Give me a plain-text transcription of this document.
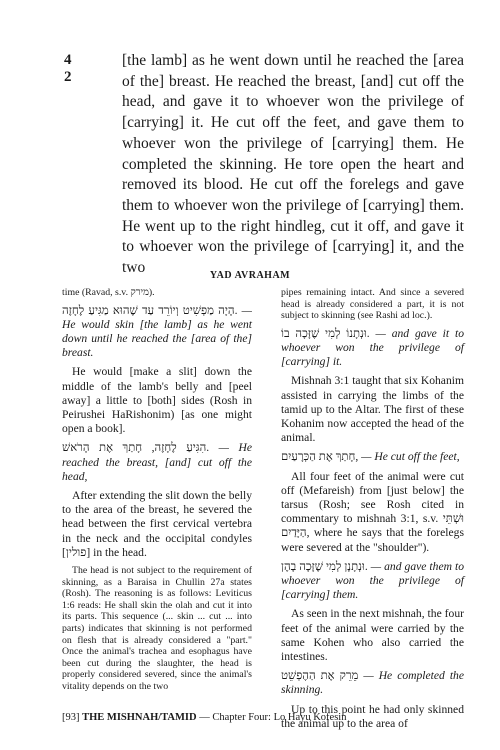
4
2
[the lamb] as he went down until he reached the [area of the] breast. He reached the breast, [and] cut off the head, and gave it to whoever won the privilege of [carrying] it. He cut off the feet, and gave them to whoever won the privilege of [carrying] them. He completed the skinning. He tore open the heart and removed its blood. He cut off the forelegs and gave them to whoever won the privilege of [carrying] them. He went up to the right hindleg, cut it off, and gave it to whoever won the privilege of [carrying] it, and the two	YAD AVRAHAM

time (Ravad, s.v. מירק).

הָיָה מַפְשִׁיט וְיוֹרֵד עַד שֶׁהוּא מַגִּיעַ לֶחָזֶה. — He would skin [the lamb] as he went down until he reached the [area of the] breast.

He would [make a slit] down the middle of the lamb's belly and [peel away] a little to [both] sides (Rosh in Peirushei HaRishonim) [as one might open a book].

הִגִּיעַ לֶחָזֶה, חָתַךְ אֶת הָרֹאשׁ. — He reached the breast, [and] cut off the head,

After extending the slit down the belly to the area of the breast, he severed the head between the first cervical vertebra in the neck and the occipital condyles [פולין] in the head.

The head is not subject to the requirement of skinning, as a Baraisa in Chullin 27a states (Rosh). The reasoning is as follows: Leviticus 1:6 reads: He shall skin the olah and cut it into its parts. This sequence (... skin ... cut ... into parts) indicates that skinning is not performed on flesh that is already considered a "part." Once the animal's trachea and esophagus have been cut during the slaughter, the head is properly considered severed, since the animal's vitality depends on the two

pipes remaining intact. And since a severed head is already considered a part, it is not subject to skinning (see Rashi ad loc.).

וּנְתָנוֹ לְמִי שֶׁזָּכָה בוֹ. — and gave it to whoever won the privilege of [carrying] it.

Mishnah 3:1 taught that six Kohanim assisted in carrying the limbs of the tamid up to the Altar. The first of these Kohanim now accepted the head of the animal.

חָתַךְ אֶת הַכְּרָעַיִם, — He cut off the feet,

All four feet of the animal were cut off (Mefareish) from [just below] the tarsus (Rosh; see Rosh cited in commentary to mishnah 3:1, s.v. וּשְׁתֵּי הַיָּדַיִם, where he says that the forelegs were severed at the "shoulder").

וּנְתָנָן לְמִי שֶׁזָּכָה בָהֶן. — and gave them to whoever won the privilege of [carrying] them.

As seen in the next mishnah, the four feet of the animal were carried by the same Kohen who also carried the intestines.

מֵרֵק אֶת הַהֶפְשֵׁט — He completed the skinning.

Up to this point he had only skinned the animal up to the area of

[93] THE MISHNAH/TAMID — Chapter Four: Lo Hayu Kofesin
